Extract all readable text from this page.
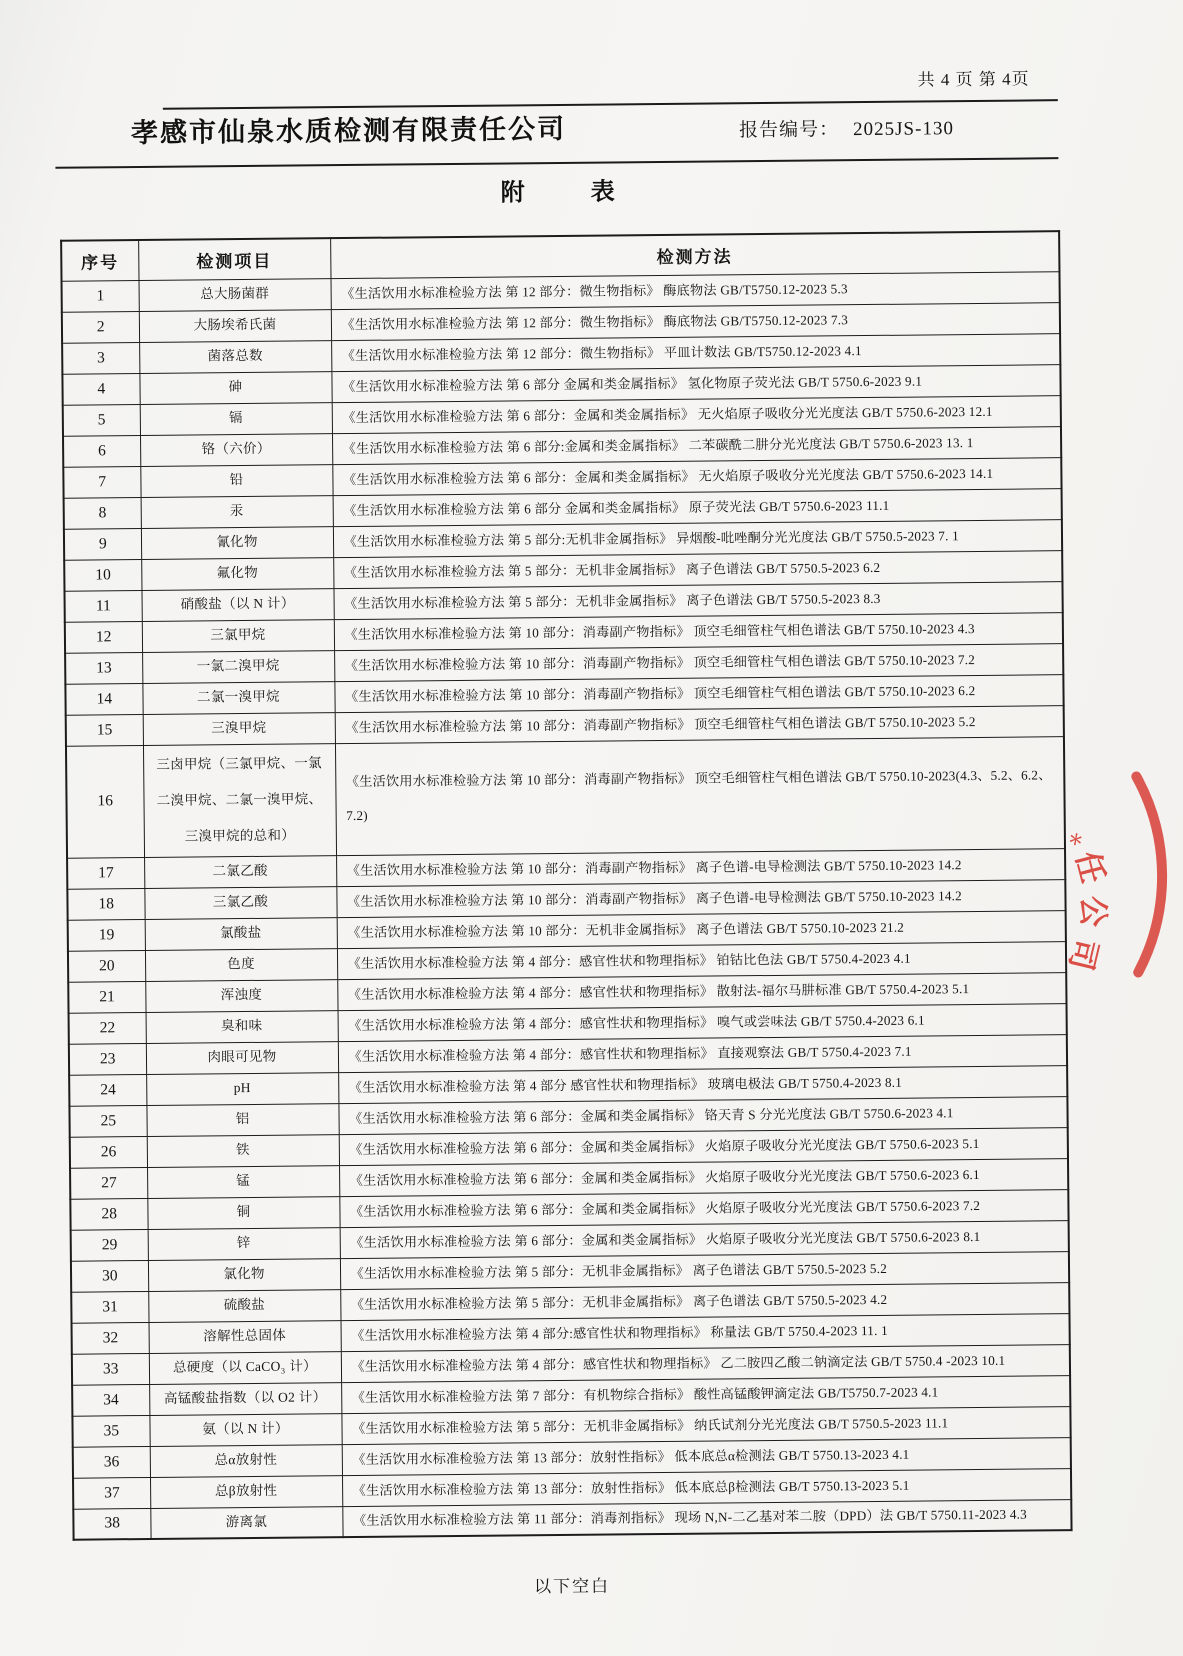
共 4 页 第 4页
孝感市仙泉水质检测有限责任公司	报告编号： 2025JS-130
附        表
序号	检测项目	检测方法
1	总大肠菌群	《生活饮用水标准检验方法 第 12 部分：微生物指标》 酶底物法 GB/T5750.12-2023 5.3
2	大肠埃希氏菌	《生活饮用水标准检验方法 第 12 部分：微生物指标》 酶底物法 GB/T5750.12-2023 7.3
3	菌落总数	《生活饮用水标准检验方法 第 12 部分：微生物指标》 平皿计数法 GB/T5750.12-2023 4.1
4	砷	《生活饮用水标准检验方法 第 6 部分 金属和类金属指标》 氢化物原子荧光法 GB/T 5750.6-2023 9.1
5	镉	《生活饮用水标准检验方法 第 6 部分：金属和类金属指标》 无火焰原子吸收分光光度法 GB/T 5750.6-2023 12.1
6	铬（六价）	《生活饮用水标准检验方法 第 6 部分:金属和类金属指标》 二苯碳酰二肼分光光度法 GB/T 5750.6-2023 13. 1
7	铅	《生活饮用水标准检验方法 第 6 部分：金属和类金属指标》 无火焰原子吸收分光光度法 GB/T 5750.6-2023 14.1
8	汞	《生活饮用水标准检验方法 第 6 部分 金属和类金属指标》 原子荧光法 GB/T 5750.6-2023 11.1
9	氰化物	《生活饮用水标准检验方法 第 5 部分:无机非金属指标》 异烟酸-吡唑酮分光光度法 GB/T 5750.5-2023 7. 1
10	氟化物	《生活饮用水标准检验方法 第 5 部分：无机非金属指标》 离子色谱法 GB/T 5750.5-2023 6.2
11	硝酸盐（以 N 计）	《生活饮用水标准检验方法 第 5 部分：无机非金属指标》 离子色谱法 GB/T 5750.5-2023 8.3
12	三氯甲烷	《生活饮用水标准检验方法 第 10 部分：消毒副产物指标》 顶空毛细管柱气相色谱法 GB/T 5750.10-2023 4.3
13	一氯二溴甲烷	《生活饮用水标准检验方法 第 10 部分：消毒副产物指标》 顶空毛细管柱气相色谱法 GB/T 5750.10-2023 7.2
14	二氯一溴甲烷	《生活饮用水标准检验方法 第 10 部分：消毒副产物指标》 顶空毛细管柱气相色谱法 GB/T 5750.10-2023 6.2
15	三溴甲烷	《生活饮用水标准检验方法 第 10 部分：消毒副产物指标》 顶空毛细管柱气相色谱法 GB/T 5750.10-2023 5.2
16	三卤甲烷（三氯甲烷、一氯二溴甲烷、二氯一溴甲烷、三溴甲烷的总和）	《生活饮用水标准检验方法 第 10 部分：消毒副产物指标》 顶空毛细管柱气相色谱法 GB/T 5750.10-2023(4.3、5.2、6.2、7.2)
17	二氯乙酸	《生活饮用水标准检验方法 第 10 部分：消毒副产物指标》 离子色谱-电导检测法 GB/T 5750.10-2023 14.2
18	三氯乙酸	《生活饮用水标准检验方法 第 10 部分：消毒副产物指标》 离子色谱-电导检测法 GB/T 5750.10-2023 14.2
19	氯酸盐	《生活饮用水标准检验方法 第 10 部分：无机非金属指标》 离子色谱法 GB/T 5750.10-2023 21.2
20	色度	《生活饮用水标准检验方法 第 4 部分：感官性状和物理指标》 铂钴比色法 GB/T 5750.4-2023 4.1
21	浑浊度	《生活饮用水标准检验方法 第 4 部分：感官性状和物理指标》 散射法-福尔马肼标准 GB/T 5750.4-2023 5.1
22	臭和味	《生活饮用水标准检验方法 第 4 部分：感官性状和物理指标》 嗅气或尝味法 GB/T 5750.4-2023 6.1
23	肉眼可见物	《生活饮用水标准检验方法 第 4 部分：感官性状和物理指标》 直接观察法 GB/T 5750.4-2023 7.1
24	pH	《生活饮用水标准检验方法 第 4 部分 感官性状和物理指标》 玻璃电极法 GB/T 5750.4-2023 8.1
25	铝	《生活饮用水标准检验方法 第 6 部分：金属和类金属指标》 铬天青 S 分光光度法 GB/T 5750.6-2023 4.1
26	铁	《生活饮用水标准检验方法 第 6 部分：金属和类金属指标》 火焰原子吸收分光光度法 GB/T 5750.6-2023 5.1
27	锰	《生活饮用水标准检验方法 第 6 部分：金属和类金属指标》 火焰原子吸收分光光度法 GB/T 5750.6-2023 6.1
28	铜	《生活饮用水标准检验方法 第 6 部分：金属和类金属指标》 火焰原子吸收分光光度法 GB/T 5750.6-2023 7.2
29	锌	《生活饮用水标准检验方法 第 6 部分：金属和类金属指标》 火焰原子吸收分光光度法 GB/T 5750.6-2023 8.1
30	氯化物	《生活饮用水标准检验方法 第 5 部分：无机非金属指标》 离子色谱法 GB/T 5750.5-2023 5.2
31	硫酸盐	《生活饮用水标准检验方法 第 5 部分：无机非金属指标》 离子色谱法 GB/T 5750.5-2023 4.2
32	溶解性总固体	《生活饮用水标准检验方法 第 4 部分:感官性状和物理指标》 称量法 GB/T 5750.4-2023 11. 1
33	总硬度（以 CaCO₃ 计）	《生活饮用水标准检验方法 第 4 部分：感官性状和物理指标》 乙二胺四乙酸二钠滴定法 GB/T 5750.4 -2023 10.1
34	高锰酸盐指数（以 O2 计）	《生活饮用水标准检验方法 第 7 部分：有机物综合指标》 酸性高锰酸钾滴定法 GB/T5750.7-2023 4.1
35	氨（以 N 计）	《生活饮用水标准检验方法 第 5 部分：无机非金属指标》 纳氏试剂分光光度法 GB/T 5750.5-2023 11.1
36	总α放射性	《生活饮用水标准检验方法 第 13 部分：放射性指标》 低本底总α检测法 GB/T 5750.13-2023 4.1
37	总β放射性	《生活饮用水标准检验方法 第 13 部分：放射性指标》 低本底总β检测法 GB/T 5750.13-2023 5.1
38	游离氯	《生活饮用水标准检验方法 第 11 部分：消毒剂指标》 现场 N,N-二乙基对苯二胺（DPD）法 GB/T 5750.11-2023 4.3
以下空白
＊
任
公
司
